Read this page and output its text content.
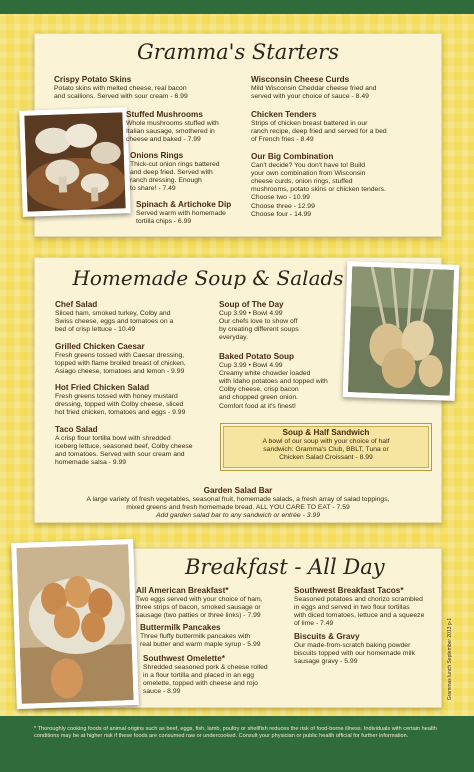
Gramma's Starters
Crispy Potato Skins
Potato skins with melted cheese, real bacon
and scallions. Served with sour cream - 6.99
Stuffed Mushrooms
Whole mushrooms stuffed with
Italian sausage, smothered in
cheese and baked - 7.99
Onions Rings
Thick-cut onion rings battered
and deep fried. Served with
ranch dressing. Enough
to share! - 7.49
Spinach & Artichoke Dip
Served warm with homemade
tortilla chips - 6.99
Wisconsin Cheese Curds
Mild Wisconsin Cheddar cheese fried and
served with your choice of sauce - 8.49
Chicken Tenders
Strips of chicken breast battered in our
ranch recipe, deep fried and served for a bed
of French fries - 8.49
Our Big Combination
Can't decide? You don't have to! Build
your own combination from Wisconsin
cheese curds, onion rings, stuffed
mushrooms, potato skins or chicken tenders.
Choose two - 10.99
Choose three - 12.99
Choose four - 14.99
Homemade Soup & Salads
Chef Salad
Sliced ham, smoked turkey, Colby and
Swiss cheese, eggs and tomatoes on a
bed of crisp lettuce - 10.49
Grilled Chicken Caesar
Fresh greens tossed with Caesar dressing,
topped with flame broiled breast of chicken,
Asiago cheese, tomatoes and lemon - 9.99
Hot Fried Chicken Salad
Fresh greens tossed with honey mustard
dressing, topped with Colby cheese, sliced
hot fried chicken, tomatoes and eggs - 9.99
Taco Salad
A crisp flour tortilla bowl with shredded
iceberg lettuce, seasoned beef, Colby cheese
and tomatoes. Served with sour cream and
homemade salsa - 9.99
Soup of The Day
Cup 3.99 • Bowl 4.99
Our chefs love to show off
by creating different soups
everyday.
Baked Potato Soup
Cup 3.99 • Bowl 4.99
Creamy white chowder loaded
with Idaho potatoes and topped with
Colby cheese, crisp bacon
and chopped green onion.
Comfort food at it's finest!
Soup & Half Sandwich
A bowl of our soup with your choice of half
sandwich: Gramma's Club, BBLT, Tuna or
Chicken Salad Croissant - 8.99
Garden Salad Bar
A large variety of fresh vegetables, seasonal fruit, homemade salads, a fresh array of salad toppings,
mixed greens and fresh homemade bread. ALL YOU CARE TO EAT - 7.59
Add garden salad bar to any sandwich or entrée - 3.99
Breakfast - All Day
All American Breakfast*
Two eggs served with your choice of ham,
three strips of bacon, smoked sausage or
sausage (two patties or three links) - 7.99
Buttermilk Pancakes
Three fluffy buttermilk pancakes with
real butter and warm maple syrup - 5.99
Southwest Omelette*
Shredded seasoned pork & cheese rolled
in a flour tortilla and placed in an egg
omelette, topped with cheese and rojo
sauce - 8.99
Southwest Breakfast Tacos*
Seasoned potatoes and chorizo scrambled
in eggs and served in two flour tortillas
with diced tomatoes, lettuce and a squeeze
of lime - 7.49
Biscuits & Gravy
Our made-from-scratch baking powder
biscuits topped with our homemade milk
sausage gravy - 5.99	Grammas lunch September 2013 p-1
* Thoroughly cooking foods of animal origins such as beef, eggs, fish, lamb, poultry or shellfish reduces the risk of food-borne illness. Individuals with certain health conditions may be at higher risk if these foods are consumed raw or undercooked. Consult your physician or public health official for further information.
